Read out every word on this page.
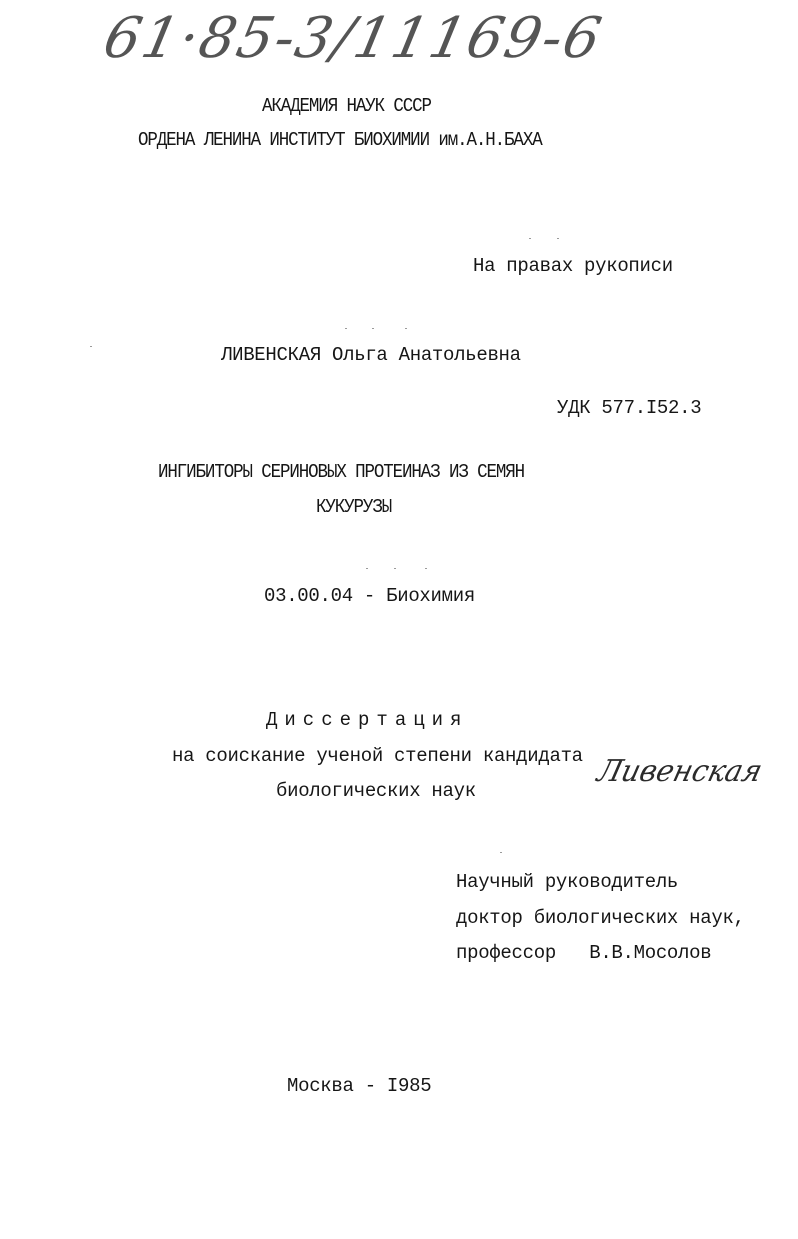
61·85-3/11169-6
АКАДЕМИЯ НАУК СССР
ОРДЕНА ЛЕНИНА ИНСТИТУТ БИОХИМИИ им.А.Н.БАХА
На правах рукописи
ЛИВЕНСКАЯ Ольга Анатольевна
УДК 577.I52.3
ИНГИБИТОРЫ СЕРИНОВЫХ ПРОТЕИНАЗ ИЗ СЕМЯН
КУКУРУЗЫ
03.00.04 - Биохимия
Диссертация
на соискание ученой степени кандидата
биологических наук
Ливенская
Научный руководитель
доктор биологических наук,
профессор   В.В.Мосолов
Москва - I985
